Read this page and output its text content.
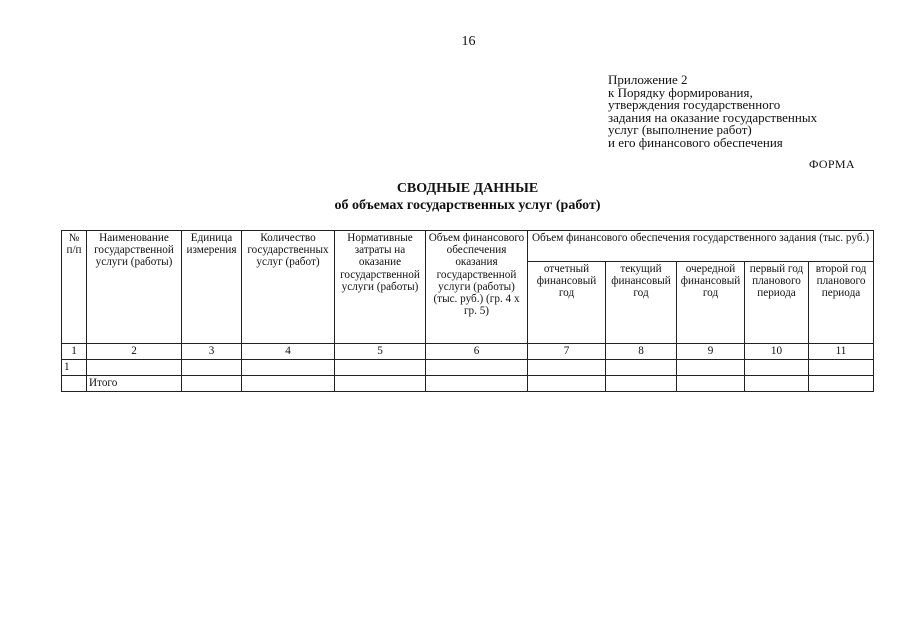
16
Приложение 2
к Порядку формирования,
утверждения государственного
задания на оказание государственных
услуг (выполнение работ)
и его финансового обеспечения
ФОРМА
СВОДНЫЕ ДАННЫЕ
об объемах государственных услуг (работ)
№ п/п	Наименование государственной услуги (работы)	Единица измерения	Количество государственных услуг (работ)	Нормативные затраты на оказание государственной услуги (работы)	Объем финансового обеспечения оказания государственной услуги (работы) (тыс. руб.) (гр. 4 х гр. 5)	Объем финансового обеспечения государственного задания (тыс. руб.)				
						отчетный финансовый год	текущий финансовый год	очередной финансовый год	первый год планового периода	второй год планового периода
1	2	3	4	5	6	7	8	9	10	11
1										
	Итого									
